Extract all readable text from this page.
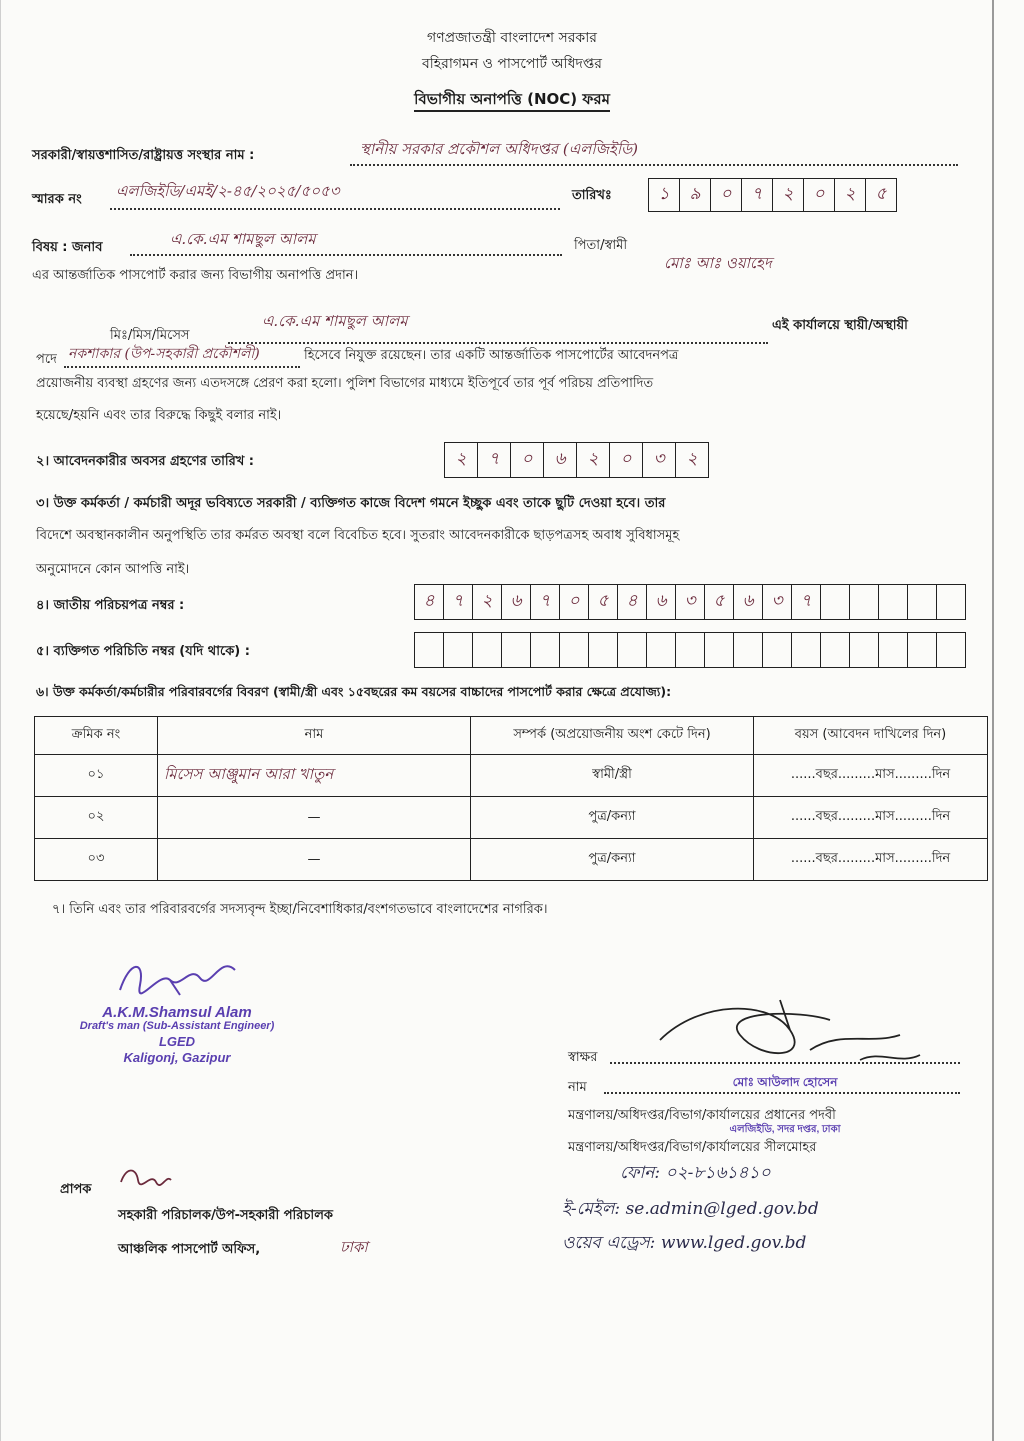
গণপ্রজাতন্ত্রী বাংলাদেশ সরকার
বহিরাগমন ও পাসপোর্ট অধিদপ্তর
বিভাগীয় অনাপত্তি (NOC) ফরম
সরকারী/স্বায়ত্তশাসিত/রাষ্ট্রায়ত্ত সংস্থার নাম :	স্থানীয় সরকার প্রকৌশল অধিদপ্তর (এলজিইডি)
স্মারক নং এলজিইডি/এমই/২-৪৫/২০২৫/৫০৫৩	তারিখঃ	১	৯	০	৭	২	০	২	৫
বিষয় : জনাব	এ.কে.এম শামছুল আলম	পিতা/স্বামী
মোঃ আঃ ওয়াহেদ
এর আন্তর্জাতিক পাসপোর্ট করার জন্য বিভাগীয় অনাপত্তি প্রদান।
মিঃ/মিস/মিসেস
এ.কে.এম শামছুল আলম	এই কার্যালয়ে স্থায়ী/অস্থায়ী
পদে নকশাকার (উপ-সহকারী প্রকৌশলী)	হিসেবে নিযুক্ত রয়েছেন। তার একটি আন্তর্জাতিক পাসপোর্টের আবেদনপত্র
প্রয়োজনীয় ব্যবস্থা গ্রহণের জন্য এতদসঙ্গে প্রেরণ করা হলো। পুলিশ বিভাগের মাধ্যমে ইতিপূর্বে তার পূর্ব পরিচয় প্রতিপাদিত
হয়েছে/হয়নি এবং তার বিরুদ্ধে কিছুই বলার নাই।
২। আবেদনকারীর অবসর গ্রহণের তারিখ :	২	৭	০	৬	২	০	৩	২
৩। উক্ত কর্মকর্তা / কর্মচারী অদূর ভবিষ্যতে সরকারী / ব্যক্তিগত কাজে বিদেশ গমনে ইচ্ছুক এবং তাকে ছুটি দেওয়া হবে। তার
বিদেশে অবস্থানকালীন অনুপস্থিতি তার কর্মরত অবস্থা বলে বিবেচিত হবে। সুতরাং আবেদনকারীকে ছাড়পত্রসহ অবাধ সুবিধাসমূহ
অনুমোদনে কোন আপত্তি নাই।
৪। জাতীয় পরিচয়পত্র নম্বর :	৪	৭	২	৬	৭	০	৫	৪	৬	৩	৫	৬	৩	৭
৫। ব্যক্তিগত পরিচিতি নম্বর (যদি থাকে) :
৬। উক্ত কর্মকর্তা/কর্মচারীর পরিবারবর্গের বিবরণ (স্বামী/স্ত্রী এবং ১৫বছরের কম বয়সের বাচ্চাদের পাসপোর্ট করার ক্ষেত্রে প্রযোজ্য):
ক্রমিক নং	নাম	সম্পর্ক (অপ্রয়োজনীয় অংশ কেটে দিন)	বয়স (আবেদন দাখিলের দিন)
০১	মিসেস আঞ্জুমান আরা খাতুন	স্বামী/স্ত্রী	......বছর.........মাস.........দিন
০২	—	পুত্র/কন্যা	......বছর.........মাস.........দিন
০৩	—	পুত্র/কন্যা	......বছর.........মাস.........দিন
৭। তিনি এবং তার পরিবারবর্গের সদস্যবৃন্দ ইচ্ছা/নিবেশাধিকার/বংশগতভাবে বাংলাদেশের নাগরিক।
A.K.M.Shamsul Alam
Draft's man (Sub-Assistant Engineer)
LGED
Kaligonj, Gazipur	স্বাক্ষর
নাম	মোঃ আউলাদ হোসেন
মন্ত্রণালয়/অধিদপ্তর/বিভাগ/কার্যালয়ের প্রধানের পদবী
এলজিইডি, সদর দপ্তর, ঢাকা
মন্ত্রণালয়/অধিদপ্তর/বিভাগ/কার্যালয়ের সীলমোহর
ফোন: ০২-৮১৬১৪১০
ই-মেইল: se.admin@lged.gov.bd
ওয়েব এড্রেস: www.lged.gov.bd
প্রাপক
সহকারী পরিচালক/উপ-সহকারী পরিচালক
আঞ্চলিক পাসপোর্ট অফিস,	ঢাকা
